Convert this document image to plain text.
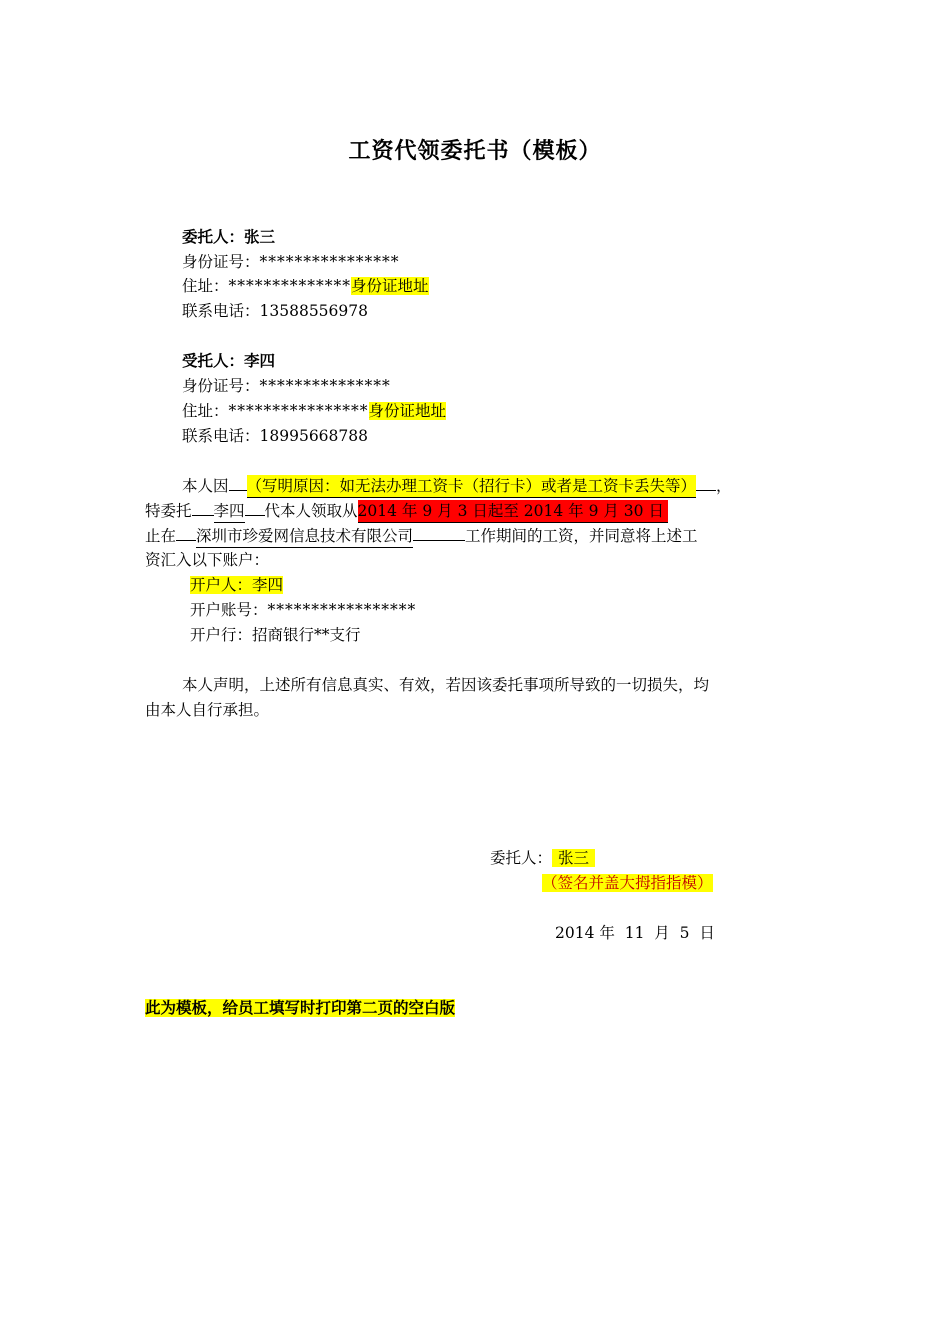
工资代领委托书（模板）
委托人：张三
身份证号：****************
住址：**************身份证地址
联系电话：13588556978
受托人：李四
身份证号：***************
住址：****************身份证地址
联系电话：18995668788
本人因 （写明原因：如无法办理工资卡（招行卡）或者是工资卡丢失等） ，
特委托 李四 代本人领取从2014 年 9 月 3 日起至 2014 年 9 月 30 日
止在 深圳市珍爱网信息技术有限公司	工作期间的工资，并同意将上述工
资汇入以下账户：
开户人：李四
开户账号：*****************
开户行：招商银行**支行
本人声明，上述所有信息真实、有效，若因该委托事项所导致的一切损失，均
由本人自行承担。
委托人： 张三
（签名并盖大拇指指模）
2014 年  11  月  5  日
此为模板，给员工填写时打印第二页的空白版
